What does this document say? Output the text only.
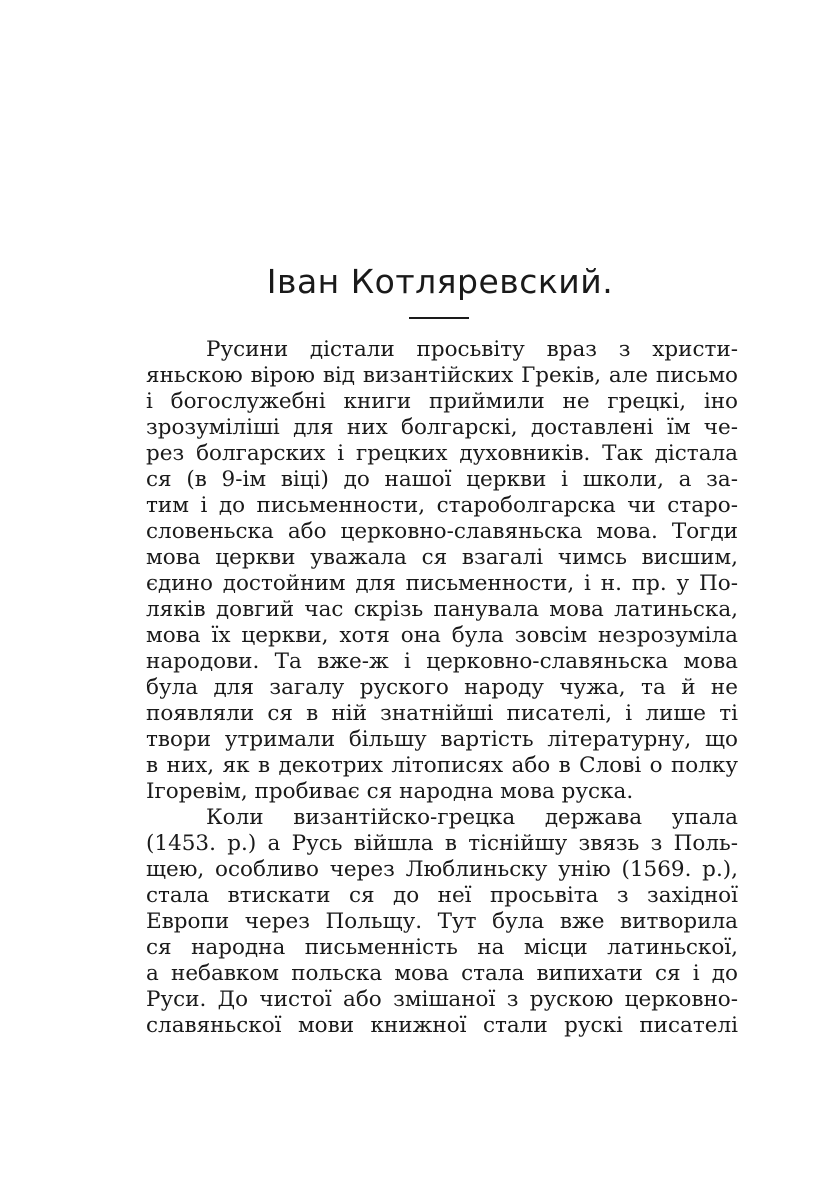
Іван Котляревский.
Русини дістали просьвіту враз з христи-
яньскою вірою від византійских Греків, але письмо
і богослужебні книги приймили не грецкі, іно
зрозуміліші для них болгарскі, доставлені їм че-
рез болгарских і грецких духовників. Так дістала
ся (в 9-ім віці) до нашої церкви і школи, а за-
тим і до письменности, староболгарска чи старо-
словеньска або церковно-славяньска мова. Тогди
мова церкви уважала ся взагалі чимсь висшим,
єдино достойним для письменности, і н. пр. у По-
ляків довгий час скрізь панувала мова латиньска,
мова їх церкви, хотя она була зовсім незрозуміла
народови. Та вже-ж і церковно-славяньска мова
була для загалу руского народу чужа, та й не
появляли ся в ній знатнійші писателі, і лише ті
твори утримали більшу вартість літературну, що
в них, як в декотрих літописях або в Слові о полку
Ігоревім, пробиває ся народна мова руска.
Коли византійско-грецка держава упала
(1453. р.) а Русь війшла в тіснійшу звязь з Поль-
щею, особливо через Люблиньску унію (1569. р.),
стала втискати ся до неї просьвіта з західної
Европи через Польщу. Тут була вже витворила
ся народна письменність на місци латиньскої,
а небавком польска мова стала випихати ся і до
Руси. До чистої або змішаної з рускою церковно-
славяньскої мови книжної стали рускі писателі
